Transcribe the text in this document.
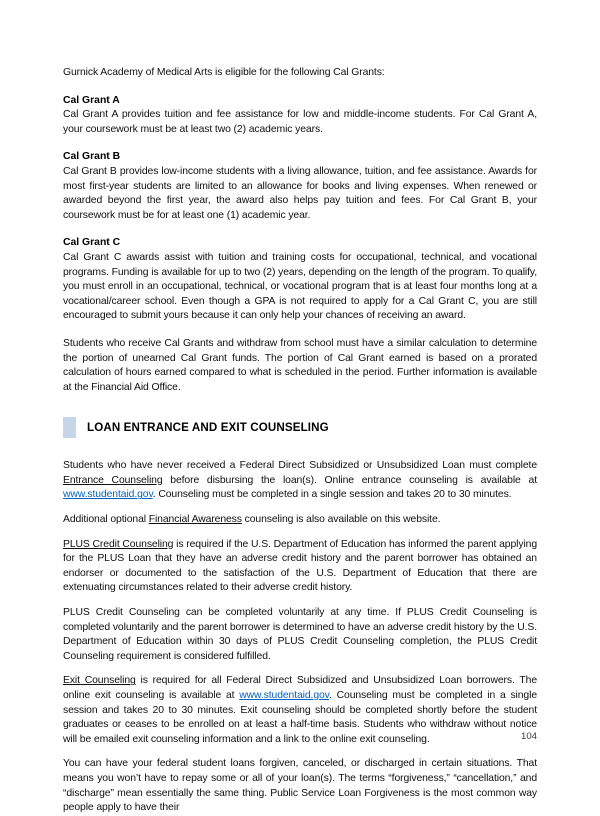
Gurnick Academy of Medical Arts is eligible for the following Cal Grants:

Cal Grant A

Cal Grant A provides tuition and fee assistance for low and middle-income students. For Cal Grant A, your coursework must be at least two (2) academic years.

Cal Grant B

Cal Grant B provides low-income students with a living allowance, tuition, and fee assistance. Awards for most first-year students are limited to an allowance for books and living expenses. When renewed or awarded beyond the first year, the award also helps pay tuition and fees. For Cal Grant B, your coursework must be for at least one (1) academic year.

Cal Grant C

Cal Grant C awards assist with tuition and training costs for occupational, technical, and vocational programs. Funding is available for up to two (2) years, depending on the length of the program. To qualify, you must enroll in an occupational, technical, or vocational program that is at least four months long at a vocational/career school. Even though a GPA is not required to apply for a Cal Grant C, you are still encouraged to submit yours because it can only help your chances of receiving an award.

Students who receive Cal Grants and withdraw from school must have a similar calculation to determine the portion of unearned Cal Grant funds. The portion of Cal Grant earned is based on a prorated calculation of hours earned compared to what is scheduled in the period. Further information is available at the Financial Aid Office.

LOAN ENTRANCE AND EXIT COUNSELING

Students who have never received a Federal Direct Subsidized or Unsubsidized Loan must complete Entrance Counseling before disbursing the loan(s). Online entrance counseling is available at www.studentaid.gov. Counseling must be completed in a single session and takes 20 to 30 minutes.

Additional optional Financial Awareness counseling is also available on this website.

PLUS Credit Counseling is required if the U.S. Department of Education has informed the parent applying for the PLUS Loan that they have an adverse credit history and the parent borrower has obtained an endorser or documented to the satisfaction of the U.S. Department of Education that there are extenuating circumstances related to their adverse credit history.

PLUS Credit Counseling can be completed voluntarily at any time. If PLUS Credit Counseling is completed voluntarily and the parent borrower is determined to have an adverse credit history by the U.S. Department of Education within 30 days of PLUS Credit Counseling completion, the PLUS Credit Counseling requirement is considered fulfilled.

Exit Counseling is required for all Federal Direct Subsidized and Unsubsidized Loan borrowers. The online exit counseling is available at www.studentaid.gov. Counseling must be completed in a single session and takes 20 to 30 minutes. Exit counseling should be completed shortly before the student graduates or ceases to be enrolled on at least a half-time basis. Students who withdraw without notice will be emailed exit counseling information and a link to the online exit counseling.

You can have your federal student loans forgiven, canceled, or discharged in certain situations. That means you won’t have to repay some or all of your loan(s). The terms “forgiveness,” “cancellation,” and “discharge” mean essentially the same thing. Public Service Loan Forgiveness is the most common way people apply to have their

104
